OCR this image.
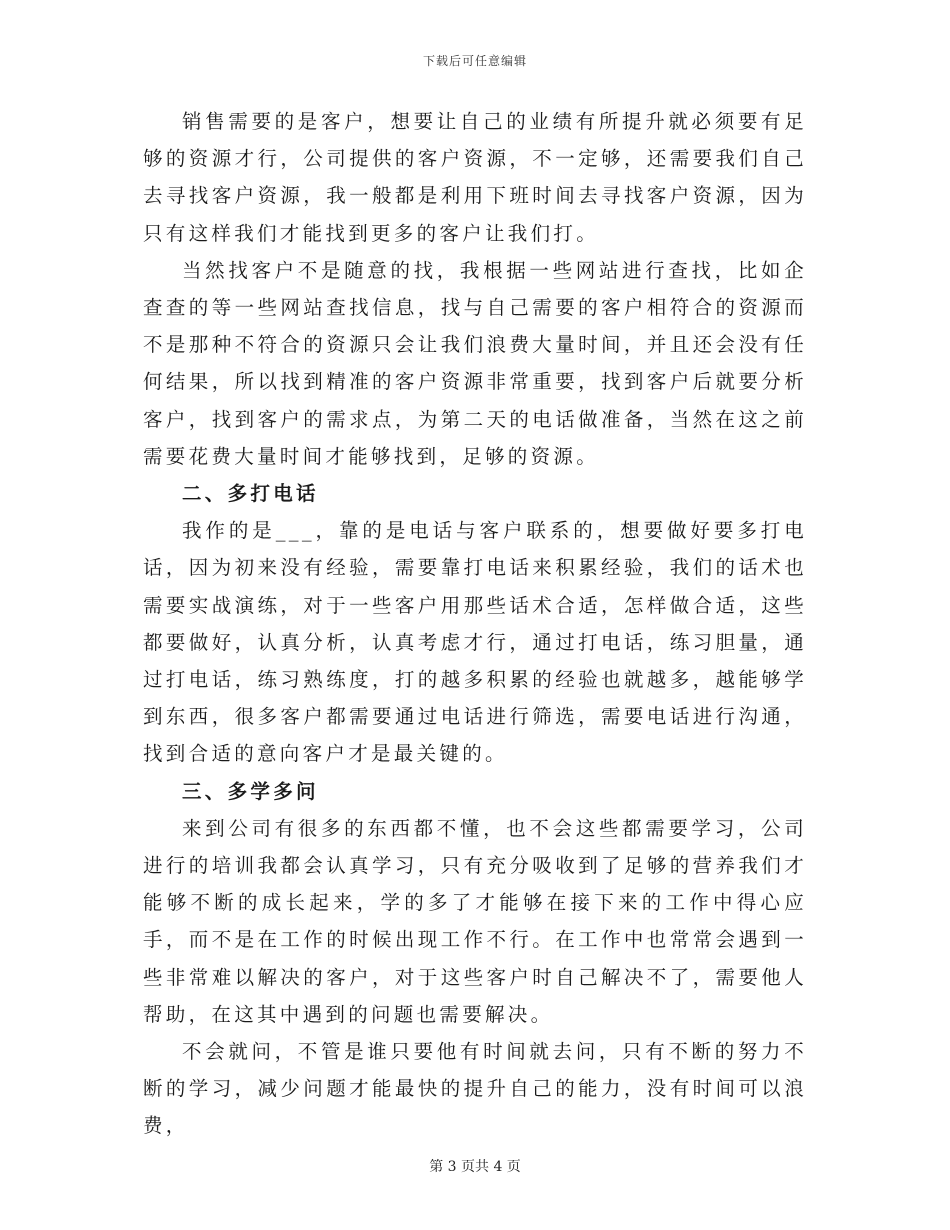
下载后可任意编辑

销售需要的是客户，想要让自己的业绩有所提升就必须要有足够的资源才行，公司提供的客户资源，不一定够，还需要我们自己去寻找客户资源，我一般都是利用下班时间去寻找客户资源，因为只有这样我们才能找到更多的客户让我们打。

当然找客户不是随意的找，我根据一些网站进行查找，比如企查查的等一些网站查找信息，找与自己需要的客户相符合的资源而不是那种不符合的资源只会让我们浪费大量时间，并且还会没有任何结果，所以找到精准的客户资源非常重要，找到客户后就要分析客户，找到客户的需求点，为第二天的电话做准备，当然在这之前需要花费大量时间才能够找到，足够的资源。

二、多打电话

我作的是___，靠的是电话与客户联系的，想要做好要多打电话，因为初来没有经验，需要靠打电话来积累经验，我们的话术也需要实战演练，对于一些客户用那些话术合适，怎样做合适，这些都要做好，认真分析，认真考虑才行，通过打电话，练习胆量，通过打电话，练习熟练度，打的越多积累的经验也就越多，越能够学到东西，很多客户都需要通过电话进行筛选，需要电话进行沟通，找到合适的意向客户才是最关键的。

三、多学多问

来到公司有很多的东西都不懂，也不会这些都需要学习，公司进行的培训我都会认真学习，只有充分吸收到了足够的营养我们才能够不断的成长起来，学的多了才能够在接下来的工作中得心应手，而不是在工作的时候出现工作不行。在工作中也常常会遇到一些非常难以解决的客户，对于这些客户时自己解决不了，需要他人帮助，在这其中遇到的问题也需要解决。

不会就问，不管是谁只要他有时间就去问，只有不断的努力不断的学习，减少问题才能最快的提升自己的能力，没有时间可以浪费，

第 3 页共 4 页
